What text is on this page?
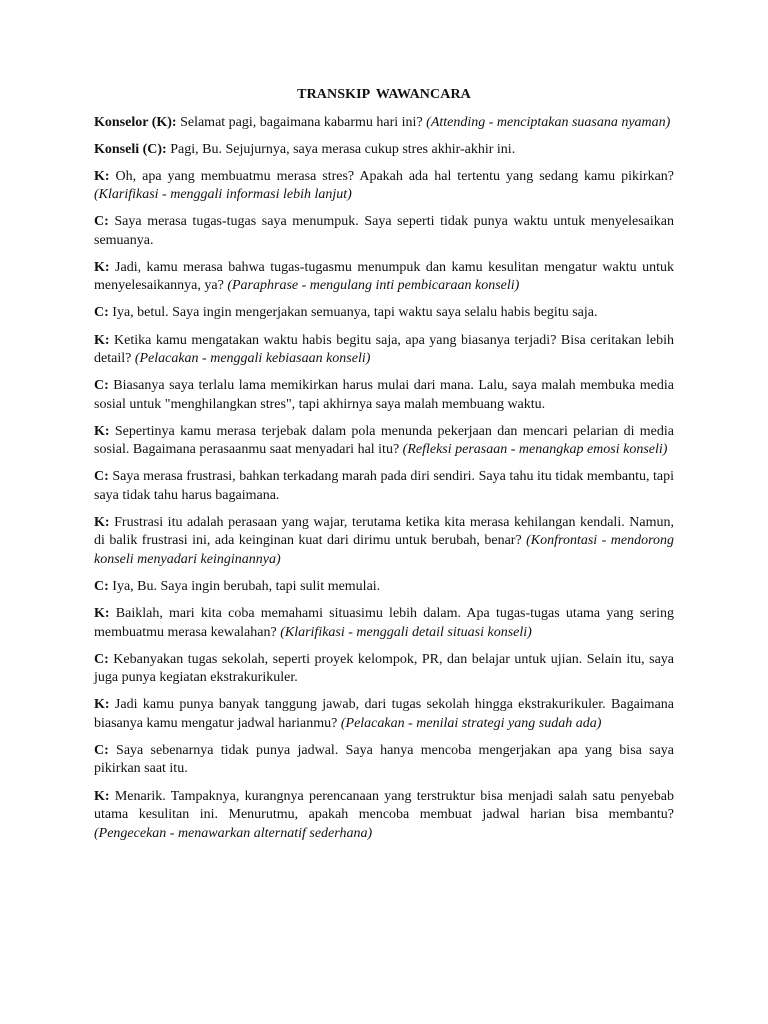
TRANSKIP WAWANCARA

Konselor (K): Selamat pagi, bagaimana kabarmu hari ini? (Attending - menciptakan suasana nyaman)

Konseli (C): Pagi, Bu. Sejujurnya, saya merasa cukup stres akhir-akhir ini.

K: Oh, apa yang membuatmu merasa stres? Apakah ada hal tertentu yang sedang kamu pikirkan? (Klarifikasi - menggali informasi lebih lanjut)

C: Saya merasa tugas-tugas saya menumpuk. Saya seperti tidak punya waktu untuk menyelesaikan semuanya.

K: Jadi, kamu merasa bahwa tugas-tugasmu menumpuk dan kamu kesulitan mengatur waktu untuk menyelesaikannya, ya? (Paraphrase - mengulang inti pembicaraan konseli)

C: Iya, betul. Saya ingin mengerjakan semuanya, tapi waktu saya selalu habis begitu saja.

K: Ketika kamu mengatakan waktu habis begitu saja, apa yang biasanya terjadi? Bisa ceritakan lebih detail? (Pelacakan - menggali kebiasaan konseli)

C: Biasanya saya terlalu lama memikirkan harus mulai dari mana. Lalu, saya malah membuka media sosial untuk "menghilangkan stres", tapi akhirnya saya malah membuang waktu.

K: Sepertinya kamu merasa terjebak dalam pola menunda pekerjaan dan mencari pelarian di media sosial. Bagaimana perasaanmu saat menyadari hal itu? (Refleksi perasaan - menangkap emosi konseli)

C: Saya merasa frustrasi, bahkan terkadang marah pada diri sendiri. Saya tahu itu tidak membantu, tapi saya tidak tahu harus bagaimana.

K: Frustrasi itu adalah perasaan yang wajar, terutama ketika kita merasa kehilangan kendali. Namun, di balik frustrasi ini, ada keinginan kuat dari dirimu untuk berubah, benar? (Konfrontasi - mendorong konseli menyadari keinginannya)

C: Iya, Bu. Saya ingin berubah, tapi sulit memulai.

K: Baiklah, mari kita coba memahami situasimu lebih dalam. Apa tugas-tugas utama yang sering membuatmu merasa kewalahan? (Klarifikasi - menggali detail situasi konseli)

C: Kebanyakan tugas sekolah, seperti proyek kelompok, PR, dan belajar untuk ujian. Selain itu, saya juga punya kegiatan ekstrakurikuler.

K: Jadi kamu punya banyak tanggung jawab, dari tugas sekolah hingga ekstrakurikuler. Bagaimana biasanya kamu mengatur jadwal harianmu? (Pelacakan - menilai strategi yang sudah ada)

C: Saya sebenarnya tidak punya jadwal. Saya hanya mencoba mengerjakan apa yang bisa saya pikirkan saat itu.

K: Menarik. Tampaknya, kurangnya perencanaan yang terstruktur bisa menjadi salah satu penyebab utama kesulitan ini. Menurutmu, apakah mencoba membuat jadwal harian bisa membantu? (Pengecekan - menawarkan alternatif sederhana)
